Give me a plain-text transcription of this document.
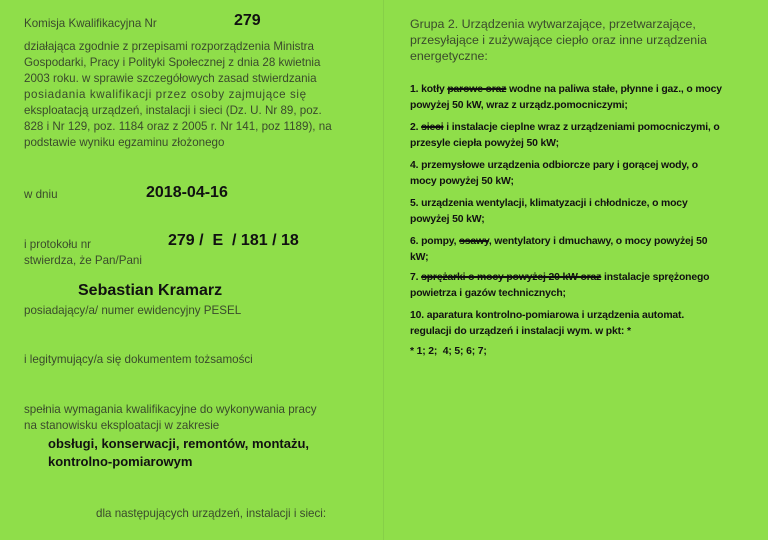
Komisja Kwalifikacyjna Nr	279
działająca zgodnie z przepisami rozporządzenia Ministra
Gospodarki, Pracy i Polityki Społecznej z dnia 28 kwietnia
2003 roku. w sprawie szczegółowych zasad stwierdzania
posiadania kwalifikacji przez osoby zajmujące się
eksploatacją urządzeń, instalacji i sieci (Dz. U. Nr 89, poz.
828 i Nr 129, poz. 1184 oraz z 2005 r. Nr 141, poz 1189), na
podstawie wyniku egzaminu złożonego
w dniu	2018-04-16
i protokołu nr	279 /  E  / 181 / 18
stwierdza, że Pan/Pani
Sebastian Kramarz
posiadający/a/ numer ewidencyjny PESEL
i legitymujący/a się dokumentem tożsamości
spełnia wymagania kwalifikacyjne do wykonywania pracy
na stanowisku eksploatacji w zakresie
obsługi, konserwacji, remontów, montażu,
kontrolno-pomiarowym
dla następujących urządzeń, instalacji i sieci:
Grupa 2. Urządzenia wytwarzające, przetwarzające,
przesyłające i zużywające ciepło oraz inne urządzenia
energetyczne:
1. kotły parowe oraz wodne na paliwa stałe, płynne i gaz., o mocy
powyżej 50 kW, wraz z urządz.pomocniczymi;
2. sieci i instalacje cieplne wraz z urządzeniami pomocniczymi, o
przesyle ciepła powyżej 50 kW;
4. przemysłowe urządzenia odbiorcze pary i gorącej wody, o
mocy powyżej 50 kW;
5. urządzenia wentylacji, klimatyzacji i chłodnicze, o mocy
powyżej 50 kW;
6. pompy, ssawy, wentylatory i dmuchawy, o mocy powyżej 50
kW;
7. sprężarki o mocy powyżej 20 kW oraz instalacje sprężonego
powietrza i gazów technicznych;
10. aparatura kontrolno-pomiarowa i urządzenia automat.
regulacji do urządzeń i instalacji wym. w pkt: *
* 1; 2;  4; 5; 6; 7;
